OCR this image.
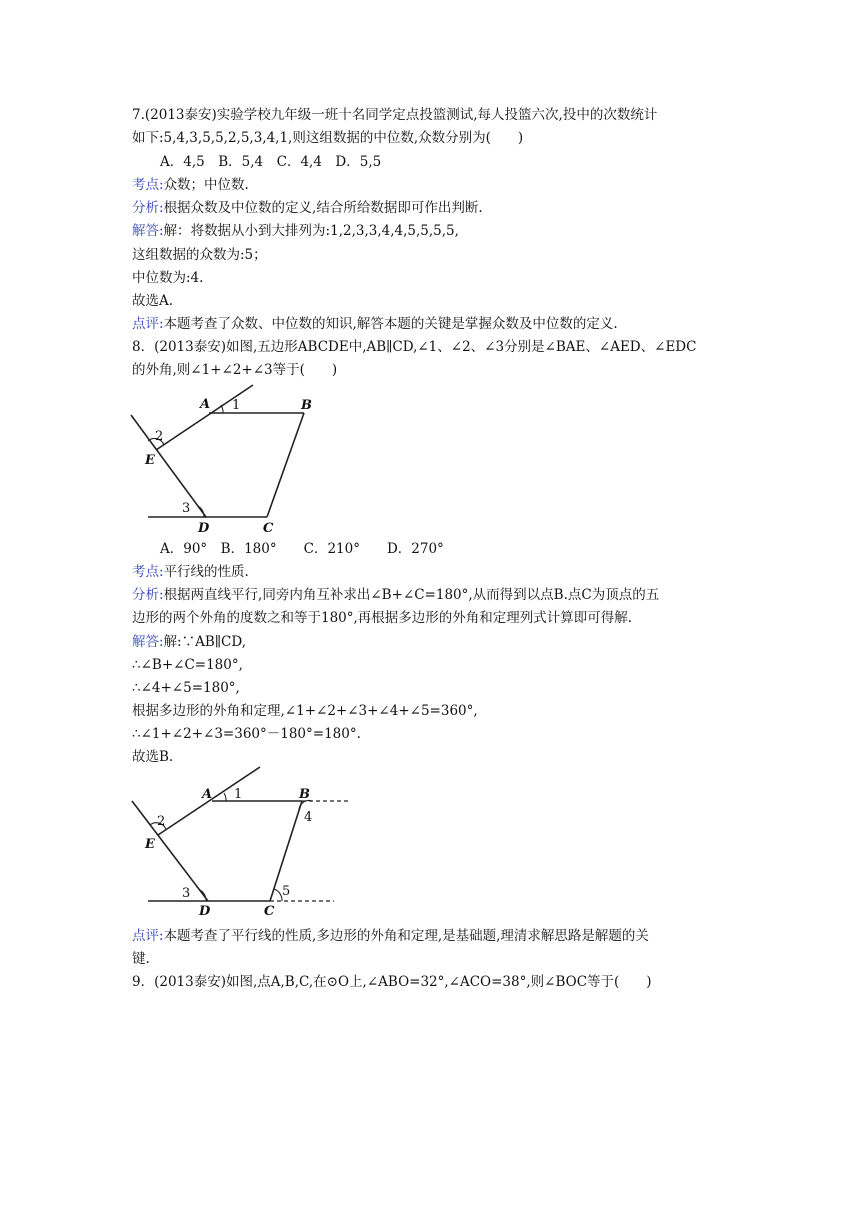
7.(2013泰安)实验学校九年级一班十名同学定点投篮测试,每人投篮六次,投中的次数统计
如下:5,4,3,5,5,2,5,3,4,1,则这组数据的中位数,众数分别为(　　)
A．4,5　B．5,4　C．4,4　D．5,5
考点:众数；中位数.
分析:根据众数及中位数的定义,结合所给数据即可作出判断.
解答:解：将数据从小到大排列为:1,2,3,3,4,4,5,5,5,5,
这组数据的众数为:5；
中位数为:4.
故选A.
点评:本题考查了众数、中位数的知识,解答本题的关键是掌握众数及中位数的定义.
8．(2013泰安)如图,五边形ABCDE中,AB∥CD,∠1、∠2、∠3分别是∠BAE、∠AED、∠EDC
的外角,则∠1+∠2+∠3等于(　　)
A 1	B
2
E
3
D	C
A．90°　B．180°　　C．210°　　D．270°
考点:平行线的性质.
分析:根据两直线平行,同旁内角互补求出∠B+∠C=180°,从而得到以点B.点C为顶点的五
边形的两个外角的度数之和等于180°,再根据多边形的外角和定理列式计算即可得解.
解答:解:∵AB∥CD,
∴∠B+∠C=180°,
∴∠4+∠5=180°,
根据多边形的外角和定理,∠1+∠2+∠3+∠4+∠5=360°,
∴∠1+∠2+∠3=360°－180°=180°.
故选B.
A 1	B
4
2
E
3	5
D	C
点评:本题考查了平行线的性质,多边形的外角和定理,是基础题,理清求解思路是解题的关
键.
9．(2013泰安)如图,点A,B,C,在⊙O上,∠ABO=32°,∠ACO=38°,则∠BOC等于(　　)
